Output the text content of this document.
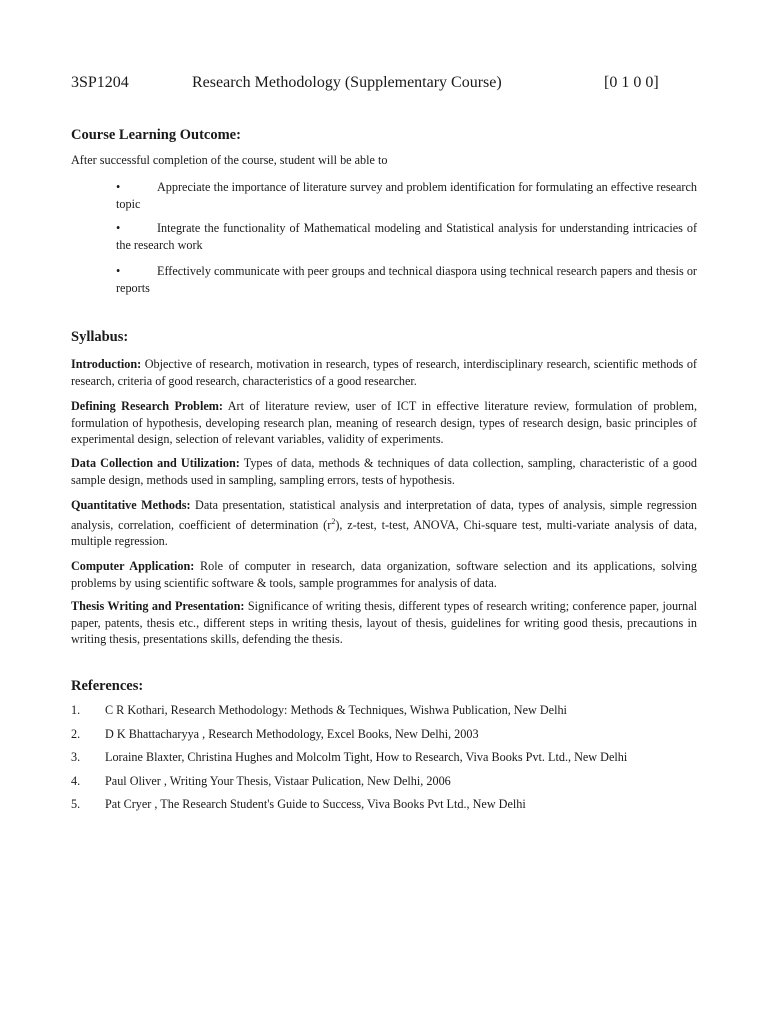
3SP1204	Research Methodology (Supplementary Course)	[0 1 0 0]
Course Learning Outcome:
After successful completion of the course, student will be able to
•	Appreciate the importance of literature survey and problem identification for formulating an effective research topic
•	Integrate the functionality of Mathematical modeling and Statistical analysis for understanding intricacies of the research work
•	Effectively communicate with peer groups and technical diaspora using technical research papers and thesis or reports
Syllabus:
Introduction: Objective of research, motivation in research, types of research, interdisciplinary research, scientific methods of research, criteria of good research, characteristics of a good researcher.
Defining Research Problem: Art of literature review, user of ICT in effective literature review, formulation of problem, formulation of hypothesis, developing research plan, meaning of research design, types of research design, basic principles of experimental design, selection of relevant variables, validity of experiments.
Data Collection and Utilization: Types of data, methods & techniques of data collection, sampling, characteristic of a good sample design, methods used in sampling, sampling errors, tests of hypothesis.
Quantitative Methods: Data presentation, statistical analysis and interpretation of data, types of analysis, simple regression analysis, correlation, coefficient of determination $(r^2)$, z-test, t-test, ANOVA, Chi-square test, multi-variate analysis of data, multiple regression.
Computer Application: Role of computer in research, data organization, software selection and its applications, solving problems by using scientific software & tools, sample programmes for analysis of data.
Thesis Writing and Presentation: Significance of writing thesis, different types of research writing; conference paper, journal paper, patents, thesis etc., different steps in writing thesis, layout of thesis, guidelines for writing good thesis, precautions in writing thesis, presentations skills, defending the thesis.
References:
1. C R Kothari, Research Methodology: Methods & Techniques, Wishwa Publication, New Delhi
2. D K Bhattacharyya , Research Methodology, Excel Books, New Delhi, 2003
3. Loraine Blaxter, Christina Hughes and Molcolm Tight, How to Research, Viva Books Pvt. Ltd., New Delhi
4. Paul Oliver , Writing Your Thesis, Vistaar Pulication, New Delhi, 2006
5. Pat Cryer , The Research Student's Guide to Success, Viva Books Pvt Ltd., New Delhi
